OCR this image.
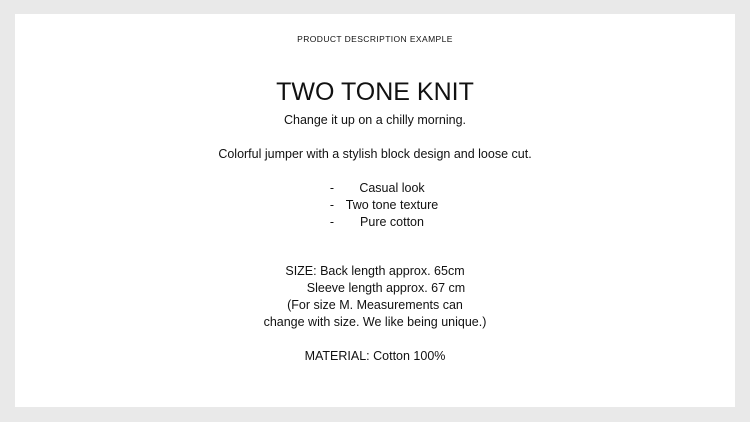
PRODUCT DESCRIPTION EXAMPLE
TWO TONE KNIT
Change it up on a chilly morning.
Colorful jumper with a stylish block design and loose cut.
-	Casual look
- Two tone texture
-	Pure cotton
SIZE: Back length approx. 65cm
Sleeve length approx. 67 cm
(For size M. Measurements can
change with size. We like being unique.)
MATERIAL: Cotton 100%
